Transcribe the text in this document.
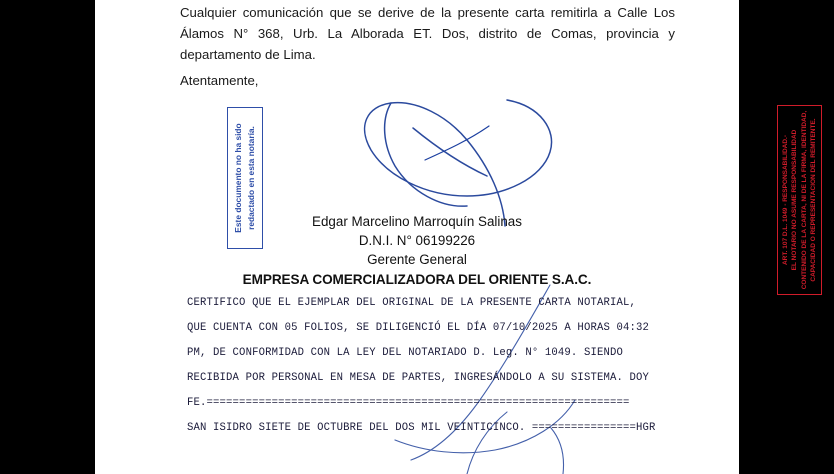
Cualquier comunicación que se derive de la presente carta remitirla a Calle Los Álamos N° 368, Urb. La Alborada ET. Dos, distrito de Comas, provincia y departamento de Lima.
Atentamente,
Edgar Marcelino Marroquín Salinas
D.N.I. N° 06199226
Gerente General
EMPRESA COMERCIALIZADORA DEL ORIENTE S.A.C.
CERTIFICO QUE EL EJEMPLAR DEL ORIGINAL DE LA PRESENTE CARTA NOTARIAL,
QUE CUENTA CON 05 FOLIOS, SE DILIGENCIÓ EL DÍA 07/10/2025 A HORAS 04:32
PM, DE CONFORMIDAD CON LA LEY DEL NOTARIADO D. Leg. N° 1049. SIENDO
RECIBIDA POR PERSONAL EN MESA DE PARTES, INGRESÁNDOLO A SU SISTEMA. DOY
FE.=================================================================
SAN ISIDRO SIETE DE OCTUBRE DEL DOS MIL VEINTICINCO. ================HGR
Este documento no ha sido redactado en esta notaría.	ART. 107 D.L. 1049 - RESPONSABILIDAD.- EL NOTARIO NO ASUME RESPONSABILIDAD CONTENIDO DE LA CARTA, NI DE LA FIRMA, IDENTIDAD, CAPACIDAD O REPRESENTACION DEL REMITENTE.
